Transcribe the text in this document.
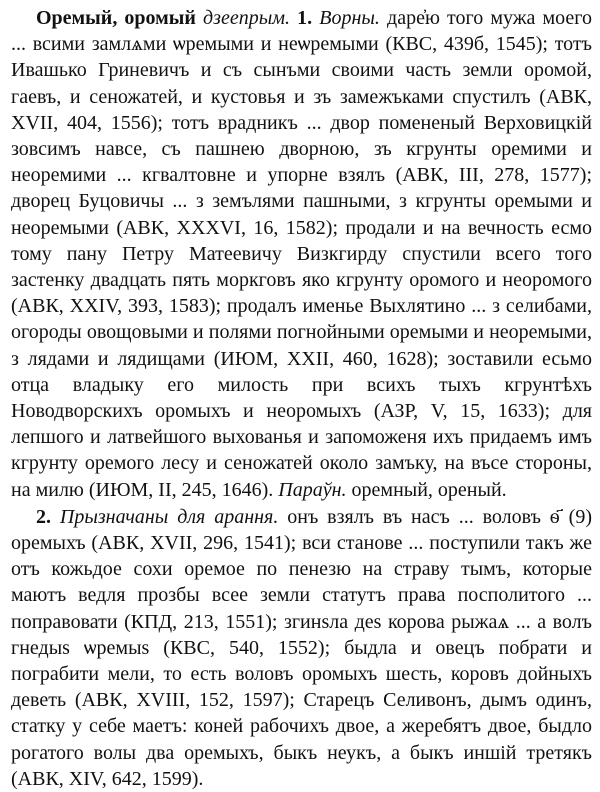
Оремый, оромый дзеепрым. 1. Ворны. даре҆ю того мужа моего ... всими замлѧми ѡремыми и неѡремыми (КВС, 439б, 1545); тотъ Ивашько Гриневичъ и съ сынъми своими часть земли оромой, гаевъ, и сеножатей, и кустовья и зъ замежъками спустилъ (АВК, XVII, 404, 1556); тотъ врадникъ ... двор помененый Верховицкій зовсимъ навсе, съ пашнею дворною, зъ кгрунты оремими и неоремими ... кгвалтовне и упорне взялъ (АВК, III, 278, 1577); дворец Буцовичы ... з земълями пашными, з кгрунты оремыми и неоремыми (АВК, XXXVI, 16, 1582); продали и на вечность есмо тому пану Петру Матеевичу Визкгирду спустили всего того застенку двадцать пять моркговъ яко кгрунту оромого и неоромого (АВК, XXIV, 393, 1583); продалъ именье Выхлятино ... з селибами, огороды овощовыми и полями погнойными оремыми и неоремыми, з лядами и лядищами (ИЮМ, XXII, 460, 1628); зоставили есьмо отца владыку его милость при всихъ тыхъ кгрунтѣхъ Новодворскихъ оромыхъ и неоромыхъ (АЗР, V, 15, 1633); для лепшого и латвейшого выхованья и запоможеня ихъ придаемъ имъ кгрунту оремого лесу и сеножатей около замъку, на въсе стороны, на милю (ИЮМ, II, 245, 1646). Параўн. оремный, ореный.

2. Прызначаны для арання. онъ взялъ въ насъ ... воловъ ѳ҃ (9) оремыхъ (АВК, XVII, 296, 1541); вси станове ... поступили такъ же отъ кожьдое сохи оремое по пенезю на страву тымъ, которые маютъ ведля прозбы всее земли статутъ права посполитого ... поправовати (КПД, 213, 1551); згинѕла деѕ корова рыжаѧ ... а волъ гнедыѕ ѡремыѕ (КВС, 540, 1552); быдла и овецъ побрати и пограбити мели, то есть воловъ оромыхъ шесть, коровъ дойныхъ деветь (АВК, XVIII, 152, 1597); Старецъ Селивонъ, дымъ одинъ, статку у себе маетъ: коней рабочихъ двое, а жеребятъ двое, быдло рогатого волы два оремыхъ, быкъ неукъ, а быкъ иншій третякъ (АВК, XIV, 642, 1599).
